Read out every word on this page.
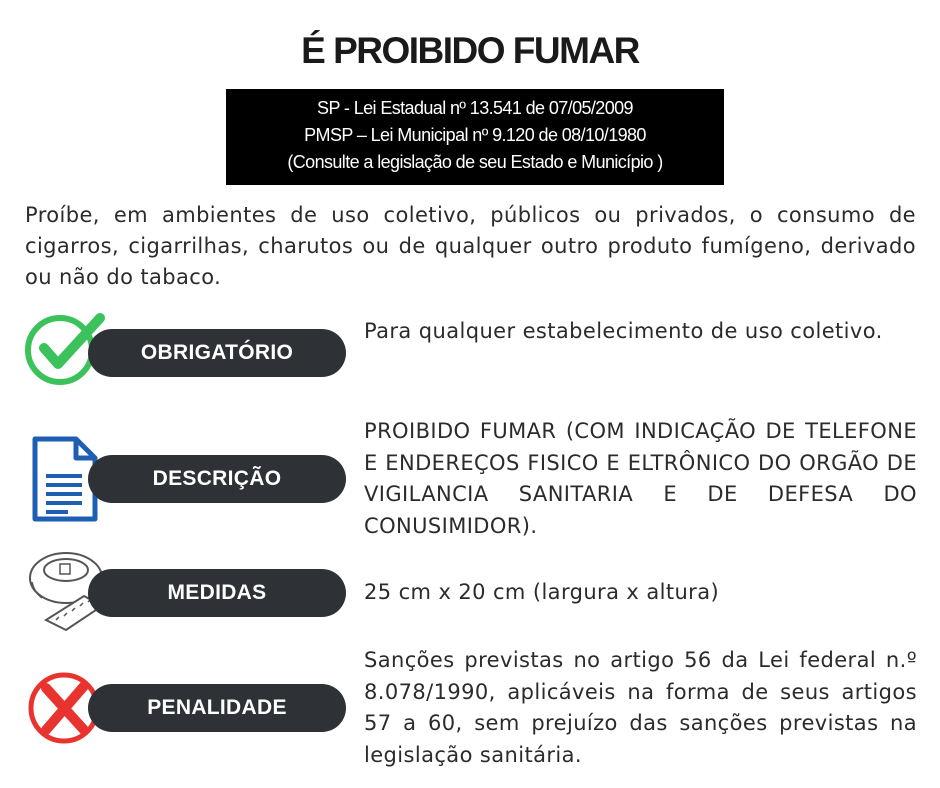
É PROIBIDO FUMAR
SP - Lei Estadual nº 13.541 de 07/05/2009
PMSP – Lei Municipal nº 9.120 de 08/10/1980
(Consulte a legislação de seu Estado e Município )
Proíbe, em ambientes de uso coletivo, públicos ou privados, o consumo de cigarros, cigarrilhas, charutos ou de qualquer outro produto fumígeno, derivado ou não do tabaco.
OBRIGATÓRIO
Para qualquer estabelecimento de uso coletivo.
DESCRIÇÃO
PROIBIDO FUMAR (COM INDICAÇÃO DE TELEFONE E ENDEREÇOS FISICO E ELTRÔNICO DO ORGÃO DE VIGILANCIA SANITARIA E DE DEFESA DO CONUSIMIDOR).
MEDIDAS	25 cm x 20 cm (largura x altura)
PENALIDADE
Sanções previstas no artigo 56 da Lei federal n.º 8.078/1990, aplicáveis na forma de seus artigos 57 a 60, sem prejuízo das sanções previstas na legislação sanitária.
